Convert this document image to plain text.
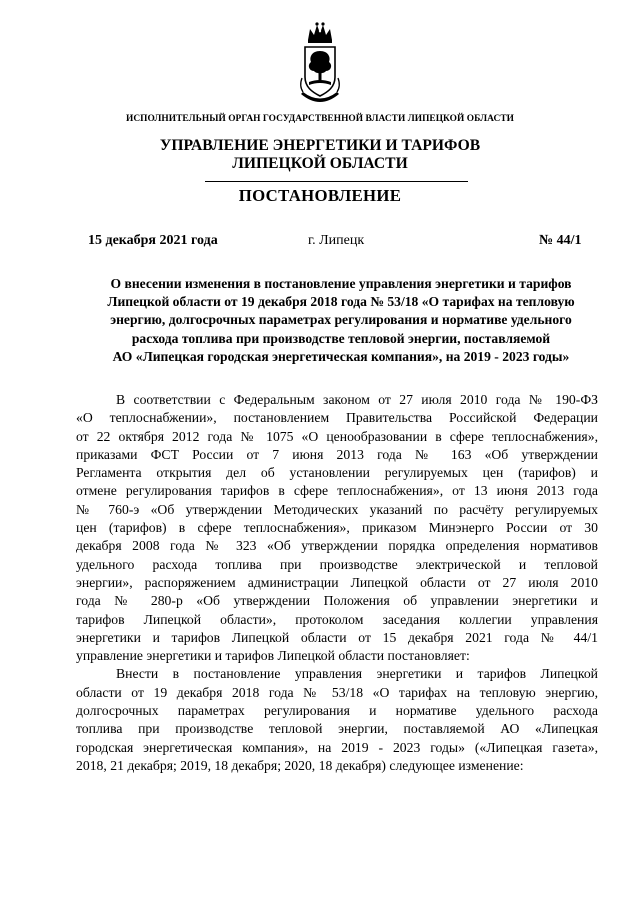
ИСПОЛНИТЕЛЬНЫЙ ОРГАН ГОСУДАРСТВЕННОЙ ВЛАСТИ ЛИПЕЦКОЙ ОБЛАСТИ
УПРАВЛЕНИЕ ЭНЕРГЕТИКИ И ТАРИФОВ
ЛИПЕЦКОЙ ОБЛАСТИ
ПОСТАНОВЛЕНИЕ
15 декабря 2021 года	г. Липецк	№ 44/1
О внесении изменения в постановление управления энергетики и тарифов
Липецкой области от 19 декабря 2018 года № 53/18 «О тарифах на тепловую
энергию, долгосрочных параметрах регулирования и нормативе удельного
расхода топлива при производстве тепловой энергии, поставляемой
АО «Липецкая городская энергетическая компания», на 2019 - 2023 годы»
В соответствии с Федеральным законом от 27 июля 2010 года № 190-ФЗ
«О теплоснабжении», постановлением Правительства Российской Федерации
от 22 октября 2012 года № 1075 «О ценообразовании в сфере теплоснабжения»,
приказами ФСТ России от 7 июня 2013 года № 163 «Об утверждении
Регламента открытия дел об установлении регулируемых цен (тарифов) и
отмене регулирования тарифов в сфере теплоснабжения», от 13 июня 2013 года
№ 760-э «Об утверждении Методических указаний по расчёту регулируемых
цен (тарифов) в сфере теплоснабжения», приказом Минэнерго России от 30
декабря 2008 года № 323 «Об утверждении порядка определения нормативов
удельного расхода топлива при производстве электрической и тепловой
энергии», распоряжением администрации Липецкой области от 27 июля 2010
года № 280-р «Об утверждении Положения об управлении энергетики и
тарифов Липецкой области», протоколом заседания коллегии управления
энергетики и тарифов Липецкой области от 15 декабря 2021 года № 44/1
управление энергетики и тарифов Липецкой области постановляет:
Внести в постановление управления энергетики и тарифов Липецкой
области от 19 декабря 2018 года № 53/18 «О тарифах на тепловую энергию,
долгосрочных параметрах регулирования и нормативе удельного расхода
топлива при производстве тепловой энергии, поставляемой АО «Липецкая
городская энергетическая компания», на 2019 - 2023 годы» («Липецкая газета»,
2018, 21 декабря; 2019, 18 декабря; 2020, 18 декабря) следующее изменение:
